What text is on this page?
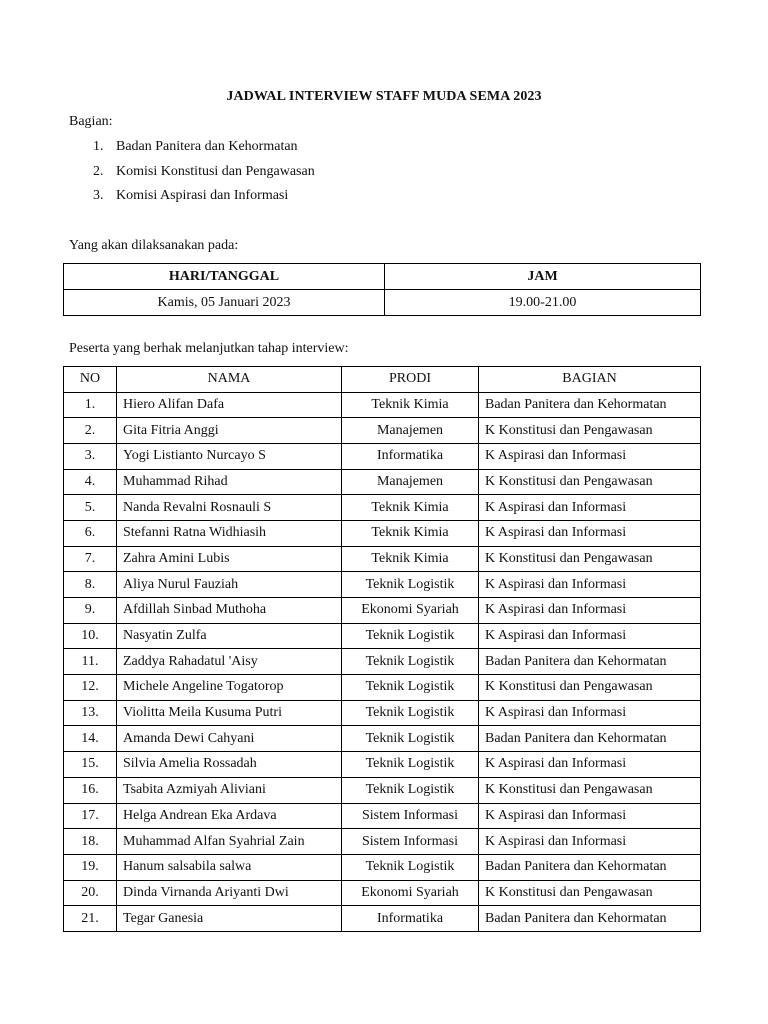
JADWAL INTERVIEW STAFF MUDA SEMA 2023
Bagian:
1. Badan Panitera dan Kehormatan
2. Komisi Konstitusi dan Pengawasan
3. Komisi Aspirasi dan Informasi
Yang akan dilaksanakan pada:
HARI/TANGGAL	JAM
Kamis, 05 Januari 2023	19.00-21.00
Peserta yang berhak melanjutkan tahap interview:
NO	NAMA	PRODI	BAGIAN
1.	Hiero Alifan Dafa	Teknik Kimia	Badan Panitera dan Kehormatan
2.	Gita Fitria Anggi	Manajemen	K Konstitusi dan Pengawasan
3.	Yogi Listianto Nurcayo S	Informatika	K Aspirasi dan Informasi
4.	Muhammad Rihad	Manajemen	K Konstitusi dan Pengawasan
5.	Nanda Revalni Rosnauli S	Teknik Kimia	K Aspirasi dan Informasi
6.	Stefanni Ratna Widhiasih	Teknik Kimia	K Aspirasi dan Informasi
7.	Zahra Amini Lubis	Teknik Kimia	K Konstitusi dan Pengawasan
8.	Aliya Nurul Fauziah	Teknik Logistik	K Aspirasi dan Informasi
9.	Afdillah Sinbad Muthoha	Ekonomi Syariah	K Aspirasi dan Informasi
10.	Nasyatin Zulfa	Teknik Logistik	K Aspirasi dan Informasi
11.	Zaddya Rahadatul 'Aisy	Teknik Logistik	Badan Panitera dan Kehormatan
12.	Michele Angeline Togatorop	Teknik Logistik	K Konstitusi dan Pengawasan
13.	Violitta Meila Kusuma Putri	Teknik Logistik	K Aspirasi dan Informasi
14.	Amanda Dewi Cahyani	Teknik Logistik	Badan Panitera dan Kehormatan
15.	Silvia Amelia Rossadah	Teknik Logistik	K Aspirasi dan Informasi
16.	Tsabita Azmiyah Aliviani	Teknik Logistik	K Konstitusi dan Pengawasan
17.	Helga Andrean Eka Ardava	Sistem Informasi	K Aspirasi dan Informasi
18.	Muhammad Alfan Syahrial Zain	Sistem Informasi	K Aspirasi dan Informasi
19.	Hanum salsabila salwa	Teknik Logistik	Badan Panitera dan Kehormatan
20.	Dinda Virnanda Ariyanti Dwi	Ekonomi Syariah	K Konstitusi dan Pengawasan
21.	Tegar Ganesia	Informatika	Badan Panitera dan Kehormatan
